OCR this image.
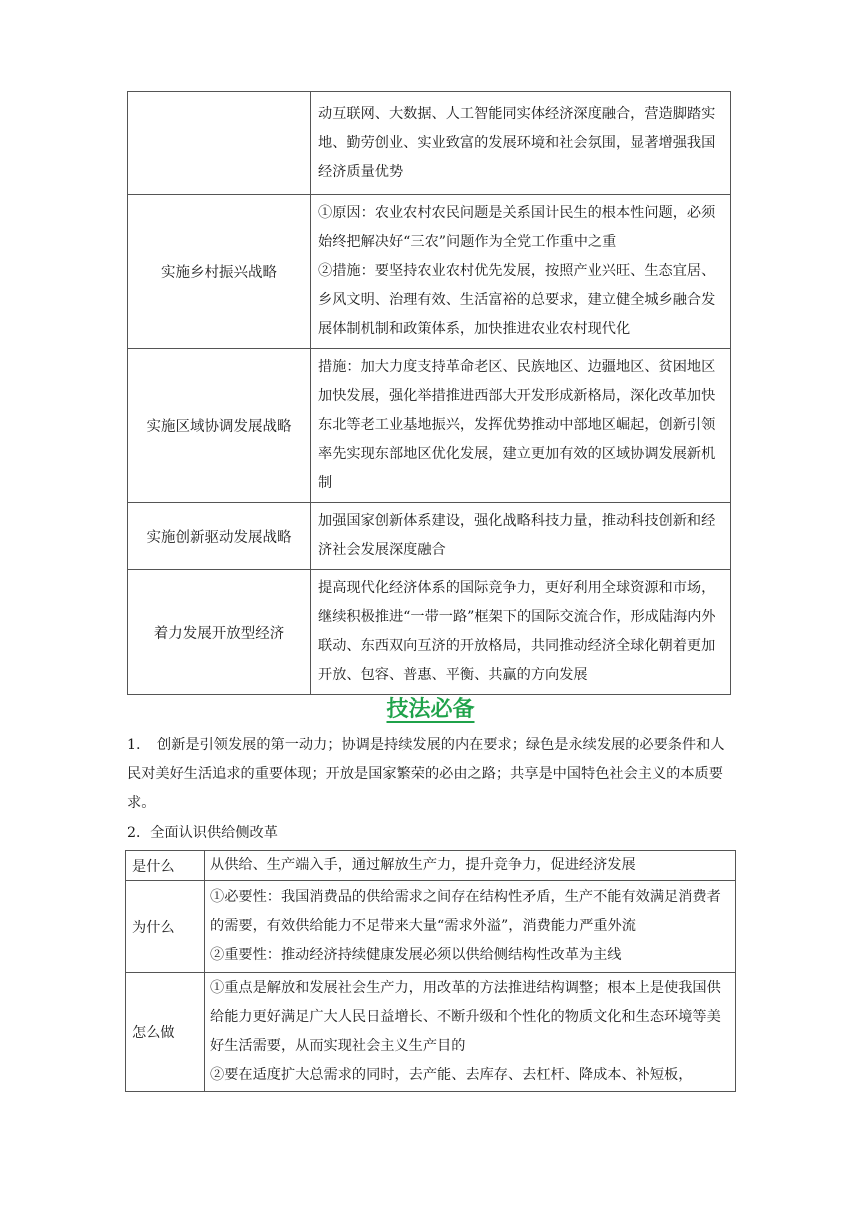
	动互联网、大数据、人工智能同实体经济深度融合，营造脚踏实地、勤劳创业、实业致富的发展环境和社会氛围，显著增强我国经济质量优势

实施乡村振兴战略	①原因：农业农村农民问题是关系国计民生的根本性问题，必须始终把解决好“三农”问题作为全党工作重中之重

②措施：要坚持农业农村优先发展，按照产业兴旺、生态宜居、乡风文明、治理有效、生活富裕的总要求，建立健全城乡融合发展体制机制和政策体系，加快推进农业农村现代化

实施区域协调发展战略	措施：加大力度支持革命老区、民族地区、边疆地区、贫困地区加快发展，强化举措推进西部大开发形成新格局，深化改革加快东北等老工业基地振兴，发挥优势推动中部地区崛起，创新引领率先实现东部地区优化发展，建立更加有效的区域协调发展新机制

实施创新驱动发展战略	加强国家创新体系建设，强化战略科技力量，推动科技创新和经济社会发展深度融合

着力发展开放型经济	提高现代化经济体系的国际竞争力，更好利用全球资源和市场，继续积极推进“一带一路”框架下的国际交流合作，形成陆海内外联动、东西双向互济的开放格局，共同推动经济全球化朝着更加开放、包容、普惠、平衡、共赢的方向发展

技法必备
1. 创新是引领发展的第一动力；协调是持续发展的内在要求；绿色是永续发展的必要条件和人民对美好生活追求的重要体现；开放是国家繁荣的必由之路；共享是中国特色社会主义的本质要求。
2．全面认识供给侧改革
是什么	从供给、生产端入手，通过解放生产力，提升竞争力，促进经济发展

为什么	①必要性：我国消费品的供给需求之间存在结构性矛盾，生产不能有效满足消费者的需要，有效供给能力不足带来大量“需求外溢”，消费能力严重外流

②重要性：推动经济持续健康发展必须以供给侧结构性改革为主线

怎么做	①重点是解放和发展社会生产力，用改革的方法推进结构调整；根本上是使我国供给能力更好满足广大人民日益增长、不断升级和个性化的物质文化和生态环境等美好生活需要，从而实现社会主义生产目的

②要在适度扩大总需求的同时，去产能、去库存、去杠杆、降成本、补短板，
